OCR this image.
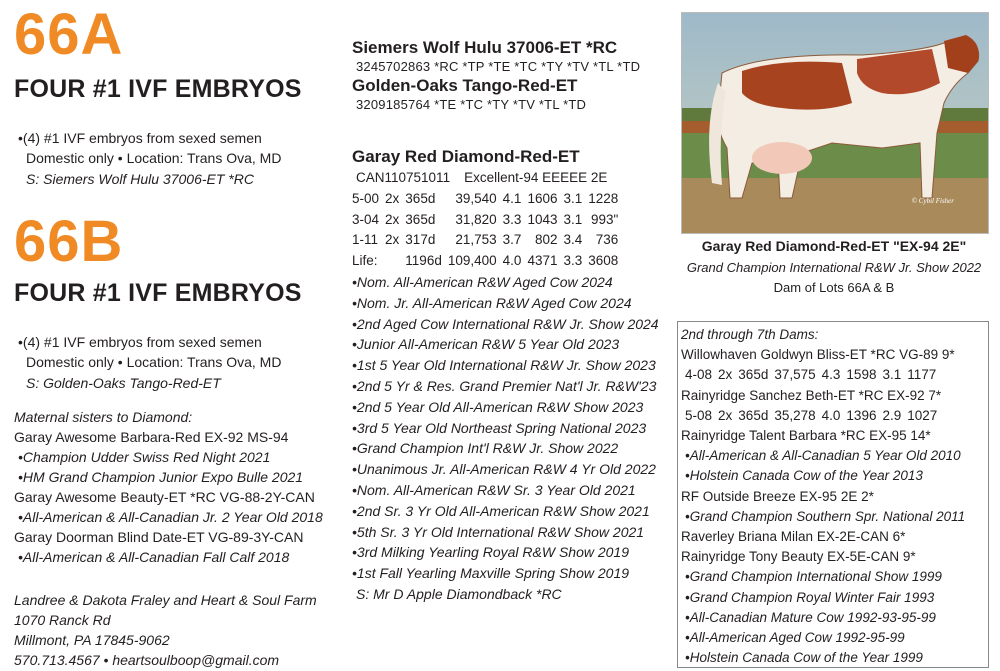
66A
FOUR #1 IVF EMBRYOS
•(4) #1 IVF embryos from sexed semen
Domestic only • Location: Trans Ova, MD
S: Siemers Wolf Hulu 37006-ET *RC
66B
FOUR #1 IVF EMBRYOS
•(4) #1 IVF embryos from sexed semen
Domestic only • Location: Trans Ova, MD
S: Golden-Oaks Tango-Red-ET
Maternal sisters to Diamond:
Garay Awesome Barbara-Red EX-92 MS-94
•Champion Udder Swiss Red Night 2021
•HM Grand Champion Junior Expo Bulle 2021
Garay Awesome Beauty-ET *RC VG-88-2Y-CAN
•All-American & All-Canadian Jr. 2 Year Old 2018
Garay Doorman Blind Date-ET VG-89-3Y-CAN
•All-American & All-Canadian Fall Calf 2018
Landree & Dakota Fraley and Heart & Soul Farm
1070 Ranck Rd
Millmont, PA 17845-9062
570.713.4567 • heartsoulboop@gmail.com
Siemers Wolf Hulu 37006-ET *RC
3245702863 *RC *TP *TE *TC *TY *TV *TL *TD
Golden-Oaks Tango-Red-ET
3209185764 *TE *TC *TY *TV *TL *TD
Garay Red Diamond-Red-ET
CAN110751011 Excellent-94 EEEEE 2E
5-00	2x	365d	39,540	4.1	1606	3.1	1228
3-04	2x	365d	31,820	3.3	1043	3.1	993"
1-11	2x	317d	21,753	3.7	802	3.4	736
Life:		1196d	109,400	4.0	4371	3.3	3608
•Nom. All-American R&W Aged Cow 2024
•Nom. Jr. All-American R&W Aged Cow 2024
•2nd Aged Cow International R&W Jr. Show 2024
•Junior All-American R&W 5 Year Old 2023
•1st 5 Year Old International R&W Jr. Show 2023
•2nd 5 Yr & Res. Grand Premier Nat'l Jr. R&W'23
•2nd 5 Year Old All-American R&W Show 2023
•3rd 5 Year Old Northeast Spring National 2023
•Grand Champion Int'l R&W Jr. Show 2022
•Unanimous Jr. All-American R&W 4 Yr Old 2022
•Nom. All-American R&W Sr. 3 Year Old 2021
•2nd Sr. 3 Yr Old All-American R&W Show 2021
•5th Sr. 3 Yr Old International R&W Show 2021
•3rd Milking Yearling Royal R&W Show 2019
•1st Fall Yearling Maxville Spring Show 2019
S: Mr D Apple Diamondback *RC
© Cybil Fisher
Garay Red Diamond-Red-ET "EX-94 2E"
Grand Champion International R&W Jr. Show 2022
Dam of Lots 66A & B
2nd through 7th Dams:
Willowhaven Goldwyn Bliss-ET *RC VG-89 9*
4-08	2x	365d	37,575	4.3	1598	3.1	1177
Rainyridge Sanchez Beth-ET *RC EX-92 7*
5-08	2x	365d	35,278	4.0	1396	2.9	1027
Rainyridge Talent Barbara *RC EX-95 14*
•All-American & All-Canadian 5 Year Old 2010
•Holstein Canada Cow of the Year 2013
RF Outside Breeze EX-95 2E 2*
•Grand Champion Southern Spr. National 2011
Raverley Briana Milan EX-2E-CAN 6*
Rainyridge Tony Beauty EX-5E-CAN 9*
•Grand Champion International Show 1999
•Grand Champion Royal Winter Fair 1993
•All-Canadian Mature Cow 1992-93-95-99
•All-American Aged Cow 1992-95-99
•Holstein Canada Cow of the Year 1999
